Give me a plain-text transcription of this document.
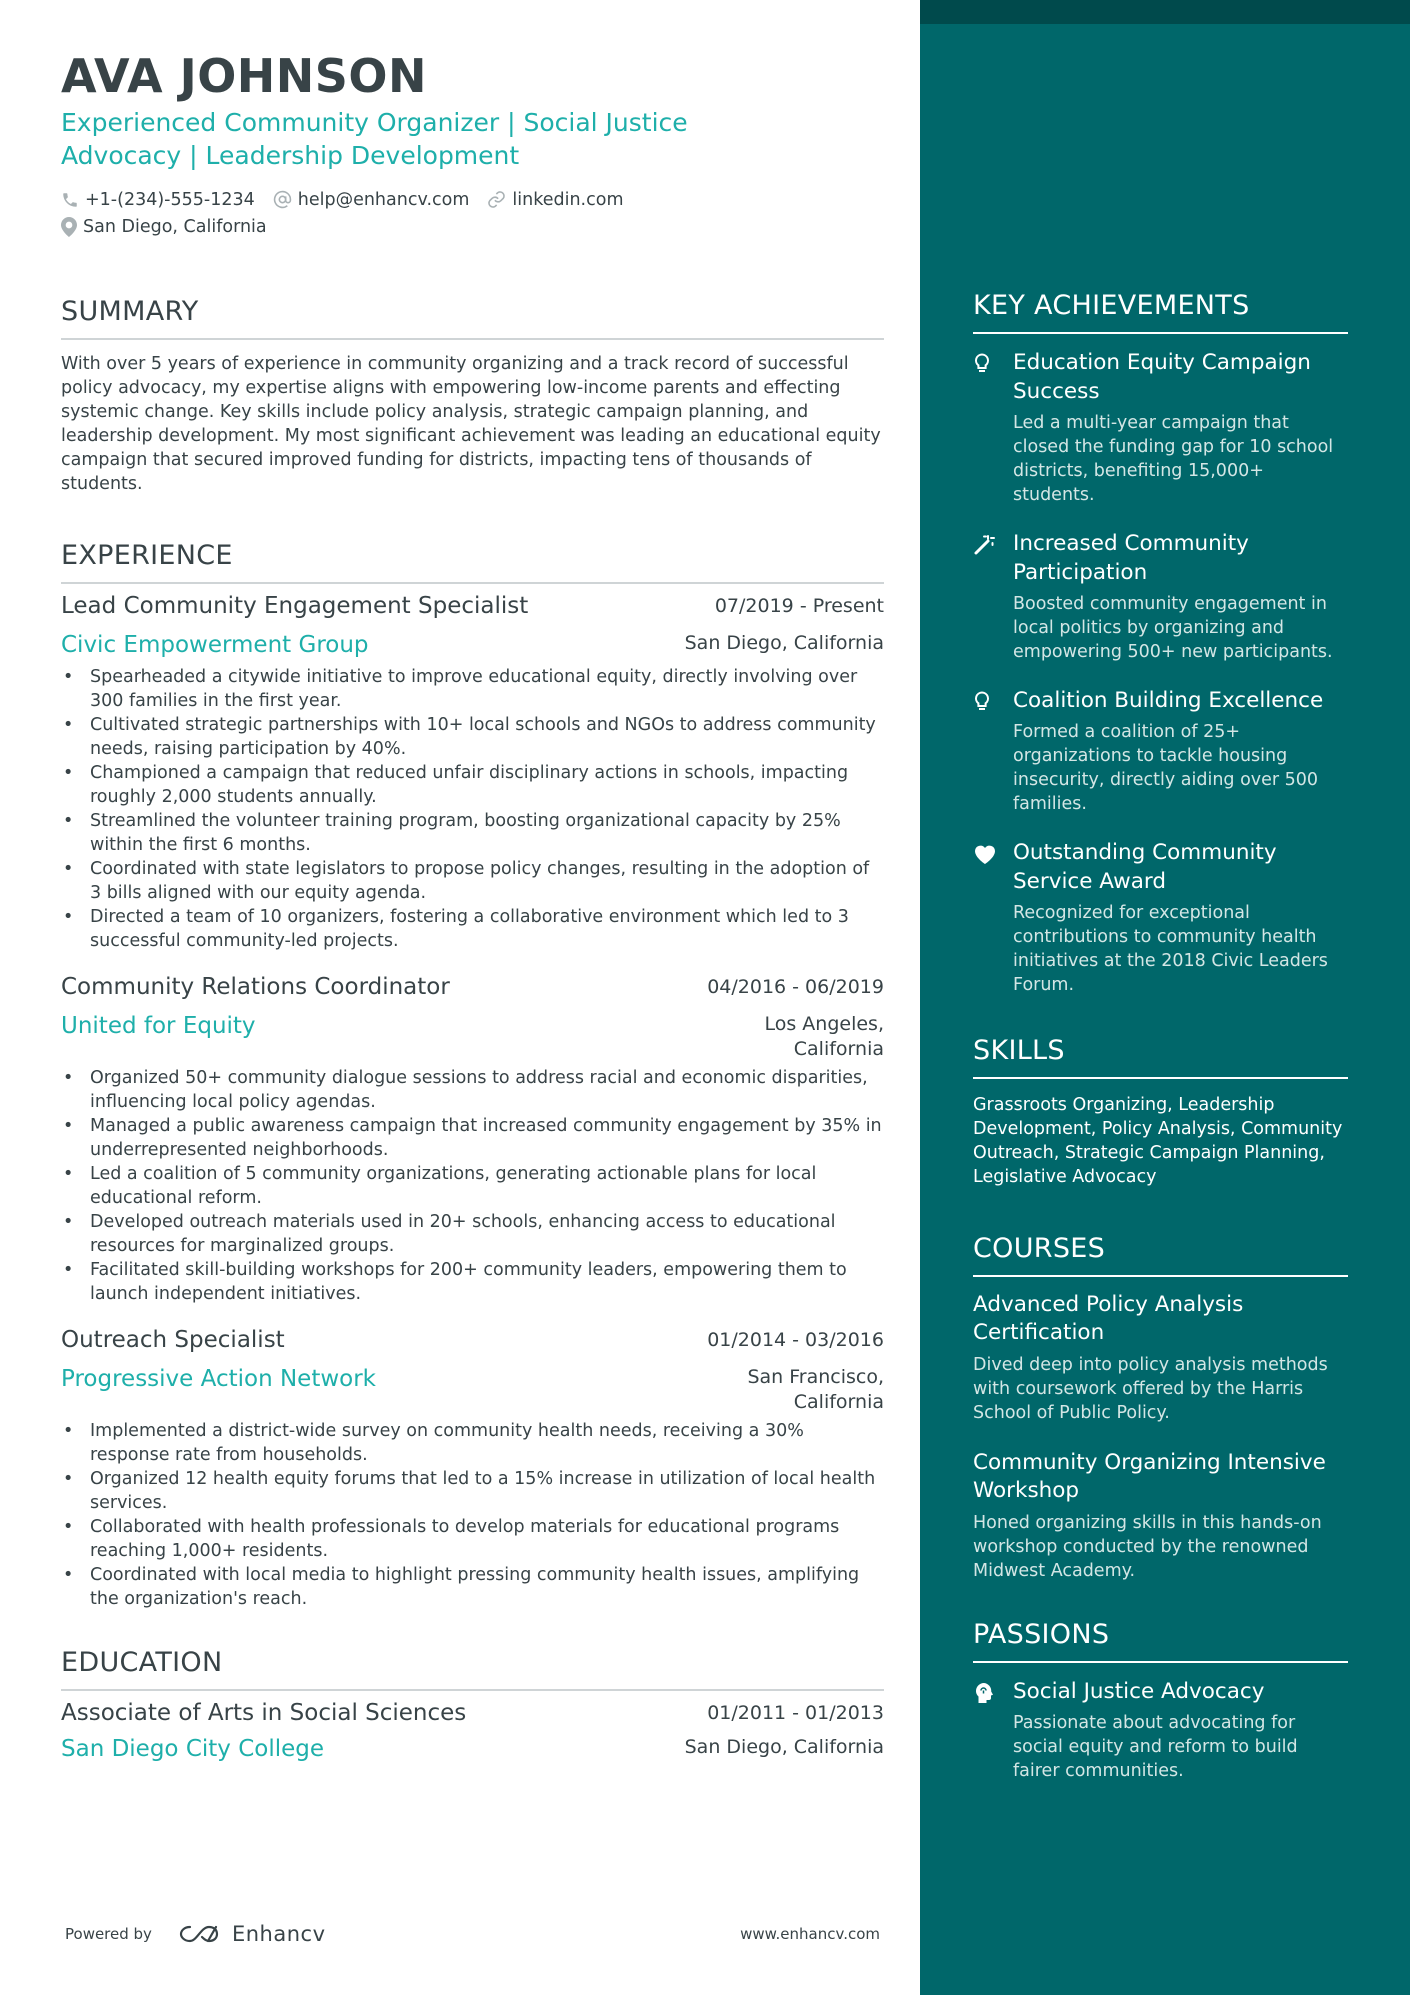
AVA JOHNSON
Experienced Community Organizer | Social Justice
Advocacy | Leadership Development
+1-(234)-555-1234 help@enhancv.com linkedin.com
San Diego, California
SUMMARY
With over 5 years of experience in community organizing and a track record of successful policy advocacy, my expertise aligns with empowering low-income parents and effecting systemic change. Key skills include policy analysis, strategic campaign planning, and leadership development. My most significant achievement was leading an educational equity campaign that secured improved funding for districts, impacting tens of thousands of students.
EXPERIENCE
Lead Community Engagement Specialist	07/2019 - Present
Civic Empowerment Group	San Diego, California
• Spearheaded a citywide initiative to improve educational equity, directly involving over 300 families in the first year.
• Cultivated strategic partnerships with 10+ local schools and NGOs to address community needs, raising participation by 40%.
• Championed a campaign that reduced unfair disciplinary actions in schools, impacting roughly 2,000 students annually.
• Streamlined the volunteer training program, boosting organizational capacity by 25% within the first 6 months.
• Coordinated with state legislators to propose policy changes, resulting in the adoption of 3 bills aligned with our equity agenda.
• Directed a team of 10 organizers, fostering a collaborative environment which led to 3 successful community-led projects.
Community Relations Coordinator	04/2016 - 06/2019
United for Equity	Los Angeles,
California
• Organized 50+ community dialogue sessions to address racial and economic disparities, influencing local policy agendas.
• Managed a public awareness campaign that increased community engagement by 35% in underrepresented neighborhoods.
• Led a coalition of 5 community organizations, generating actionable plans for local educational reform.
• Developed outreach materials used in 20+ schools, enhancing access to educational resources for marginalized groups.
• Facilitated skill-building workshops for 200+ community leaders, empowering them to launch independent initiatives.
Outreach Specialist	01/2014 - 03/2016
Progressive Action Network	San Francisco,
California
• Implemented a district-wide survey on community health needs, receiving a 30% response rate from households.
• Organized 12 health equity forums that led to a 15% increase in utilization of local health services.
• Collaborated with health professionals to develop materials for educational programs reaching 1,000+ residents.
• Coordinated with local media to highlight pressing community health issues, amplifying the organization's reach.
EDUCATION
Associate of Arts in Social Sciences	01/2011 - 01/2013
San Diego City College	San Diego, California
KEY ACHIEVEMENTS
Education Equity Campaign Success
Led a multi-year campaign that closed the funding gap for 10 school districts, benefiting 15,000+ students.
Increased Community Participation
Boosted community engagement in local politics by organizing and empowering 500+ new participants.
Coalition Building Excellence
Formed a coalition of 25+ organizations to tackle housing insecurity, directly aiding over 500 families.
Outstanding Community Service Award
Recognized for exceptional contributions to community health initiatives at the 2018 Civic Leaders Forum.
SKILLS
Grassroots Organizing, Leadership Development, Policy Analysis, Community Outreach, Strategic Campaign Planning, Legislative Advocacy
COURSES
Advanced Policy Analysis Certification
Dived deep into policy analysis methods with coursework offered by the Harris School of Public Policy.
Community Organizing Intensive Workshop
Honed organizing skills in this hands-on workshop conducted by the renowned Midwest Academy.
PASSIONS
Social Justice Advocacy
Passionate about advocating for social equity and reform to build fairer communities.
Powered by	Enhancv	www.enhancv.com
